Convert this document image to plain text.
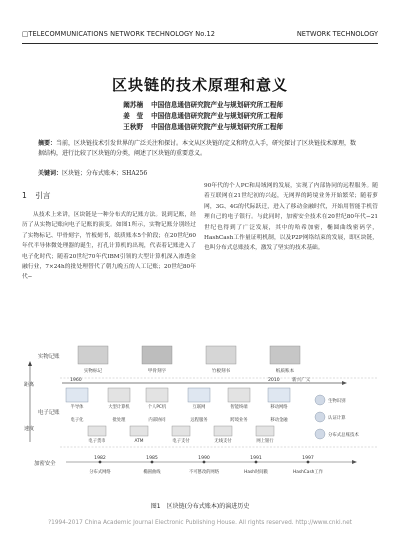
□TELECOMMUNICATIONS NETWORK TECHNOLOGY No.12	NETWORK TECHNOLOGY
区块链的技术原理和意义
阚苏楠 中国信息通信研究院产业与规划研究所工程师
姜　莹 中国信息通信研究院产业与规划研究所工程师
王秋野 中国信息通信研究院产业与规划研究所工程师
摘要：当前，区块链技术引发世界的广泛关注和探讨。本文从区块链的定义和特点入手，研究探讨了区块链技术原理，数据结构，进行比较了区块链的分类，阐述了区块链的重要意义。
关键词：区块链；分布式账本；SHA256
1 引言
从技术上来讲，区块链是一种分布式的记账方法。说到记账，经历了从实物记账向电子记账的演变。如图1所示，实物记账分别经过了实物标记、甲骨刻字，竹板刻书，纸质账本5个阶段；在20世纪60年代半导体微处理器的诞生，打孔计算机的出现，代表着记账进入了电子化时代；随着20世纪70年代IBM引领的大型计算机深入渗透金融行业，7×24h的批处理替代了朝九晚五的人工记账；20世纪80年代−

90年代的个人PC和局域网的发展，实现了内部协同的远程服务。随着互联网在21世纪初的兴起，无网界的跨境业务开始繁荣；随着萝网，3G、4G的代际跃迁，进入了移动金融时代，开始用智能手机管理自己的电子银行。与此同时，加密安全技术在20世纪80年代−21世纪也得到了广泛发展，其中的哈希加密，椭圆曲线密码学，HashCash工作量证明机制，以及P2P网络结束的发展，即区块链，也叫分布式总账技术，激发了坚实的技术基础。

实物记账
电子记账
加密安全
距离
速度
实物标记	甲骨刻字	竹板刻书	纸质账本
1960	2010	新兴广义
半导体	大型计算机	个人PC机	互联网	智能终端	移动网络
电子化	批处理	内部协同	远程服务	跨境业务	移动金融
电子货币	ATM	电子支付	无线支付	网上银行
生物识别
认证计算
分布式总账技术
1982	1985	1990	1991	1997
分布式网络	椭圆曲线	不可篡改的网络	Hash时间戳	HashCash工作
图1　区块链(分布式账本)的演进历史
?1994-2017 China Academic Journal Electronic Publishing House. All rights reserved. http://www.cnki.net
